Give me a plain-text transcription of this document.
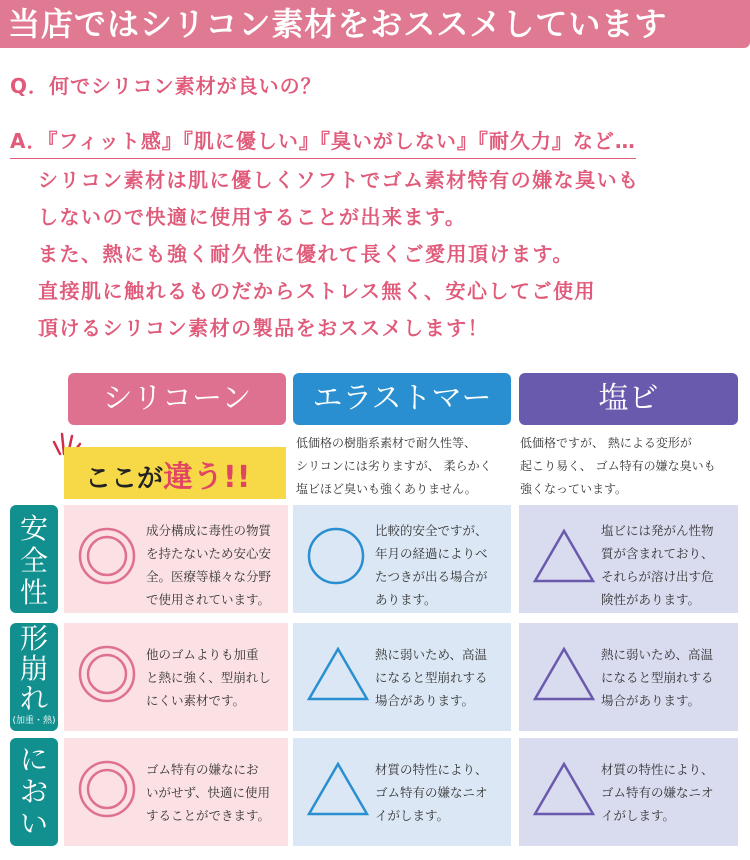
当店ではシリコン素材をおススメしています
Q．何でシリコン素材が良いの？
A．『フィット感』『肌に優しい』『臭いがしない』『耐久力』など…
シリコン素材は肌に優しくソフトでゴム素材特有の嫌な臭いも
しないので快適に使用することが出来ます。
また、熱にも強く耐久性に優れて長くご愛用頂けます。
直接肌に触れるものだからストレス無く、安心してご使用
頂けるシリコン素材の製品をおススメします！
シリコーン	エラストマー	塩ビ
ここが違う!!
低価格の樹脂系素材で耐久性等、
シリコンには劣りますが、 柔らかく
塩ビほど臭いも強くありません。
低価格ですが、 熱による変形が
起こり易く、 ゴム特有の嫌な臭いも
強くなっています。
安
全
性
形
崩
れ
(加重・熱)
に
お
い
成分構成に毒性の物質
を持たないため安心安
全。医療等様々な分野
で使用されています。
比較的安全ですが、
年月の経過によりべ
たつきが出る場合が
あります。
塩ビには発がん性物
質が含まれており、
それらが溶け出す危
険性があります。
他のゴムよりも加重
と熱に強く、型崩れし
にくい素材です。
熱に弱いため、高温
になると型崩れする
場合があります。
熱に弱いため、高温
になると型崩れする
場合があります。
ゴム特有の嫌なにお
いがせず、快適に使用
することができます。
材質の特性により、
ゴム特有の嫌なニオ
イがします。
材質の特性により、
ゴム特有の嫌なニオ
イがします。
